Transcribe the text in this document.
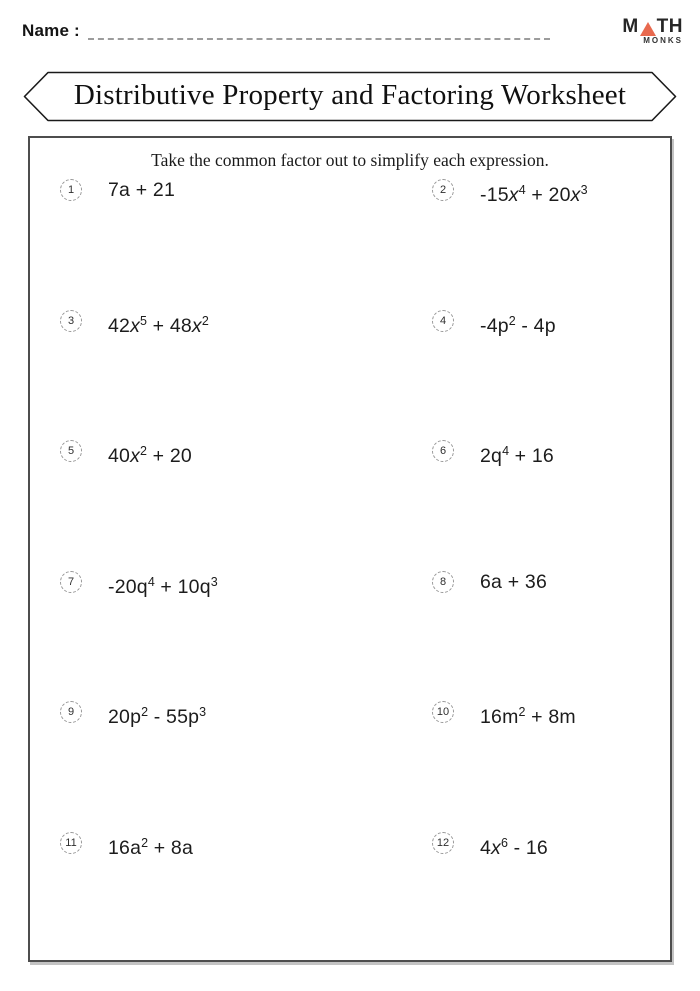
Name :	M TH
MONKS
Distributive Property and Factoring Worksheet
Take the common factor out to simplify each expression.
1	7a + 21	2	$-15x^4 + 20x^3$
3	$42x^5 + 48x^2$	4	$-4p^2 - 4p$
5	$40x^2 + 20$	6	$2q^4 + 16$
7	$-20q^4 + 10q^3$	8	6a + 36
9	$20p^2 - 55p^3$	10 $16m^2 + 8m$
11 $16a^2 + 8a$	12 $4x^6 - 16$
